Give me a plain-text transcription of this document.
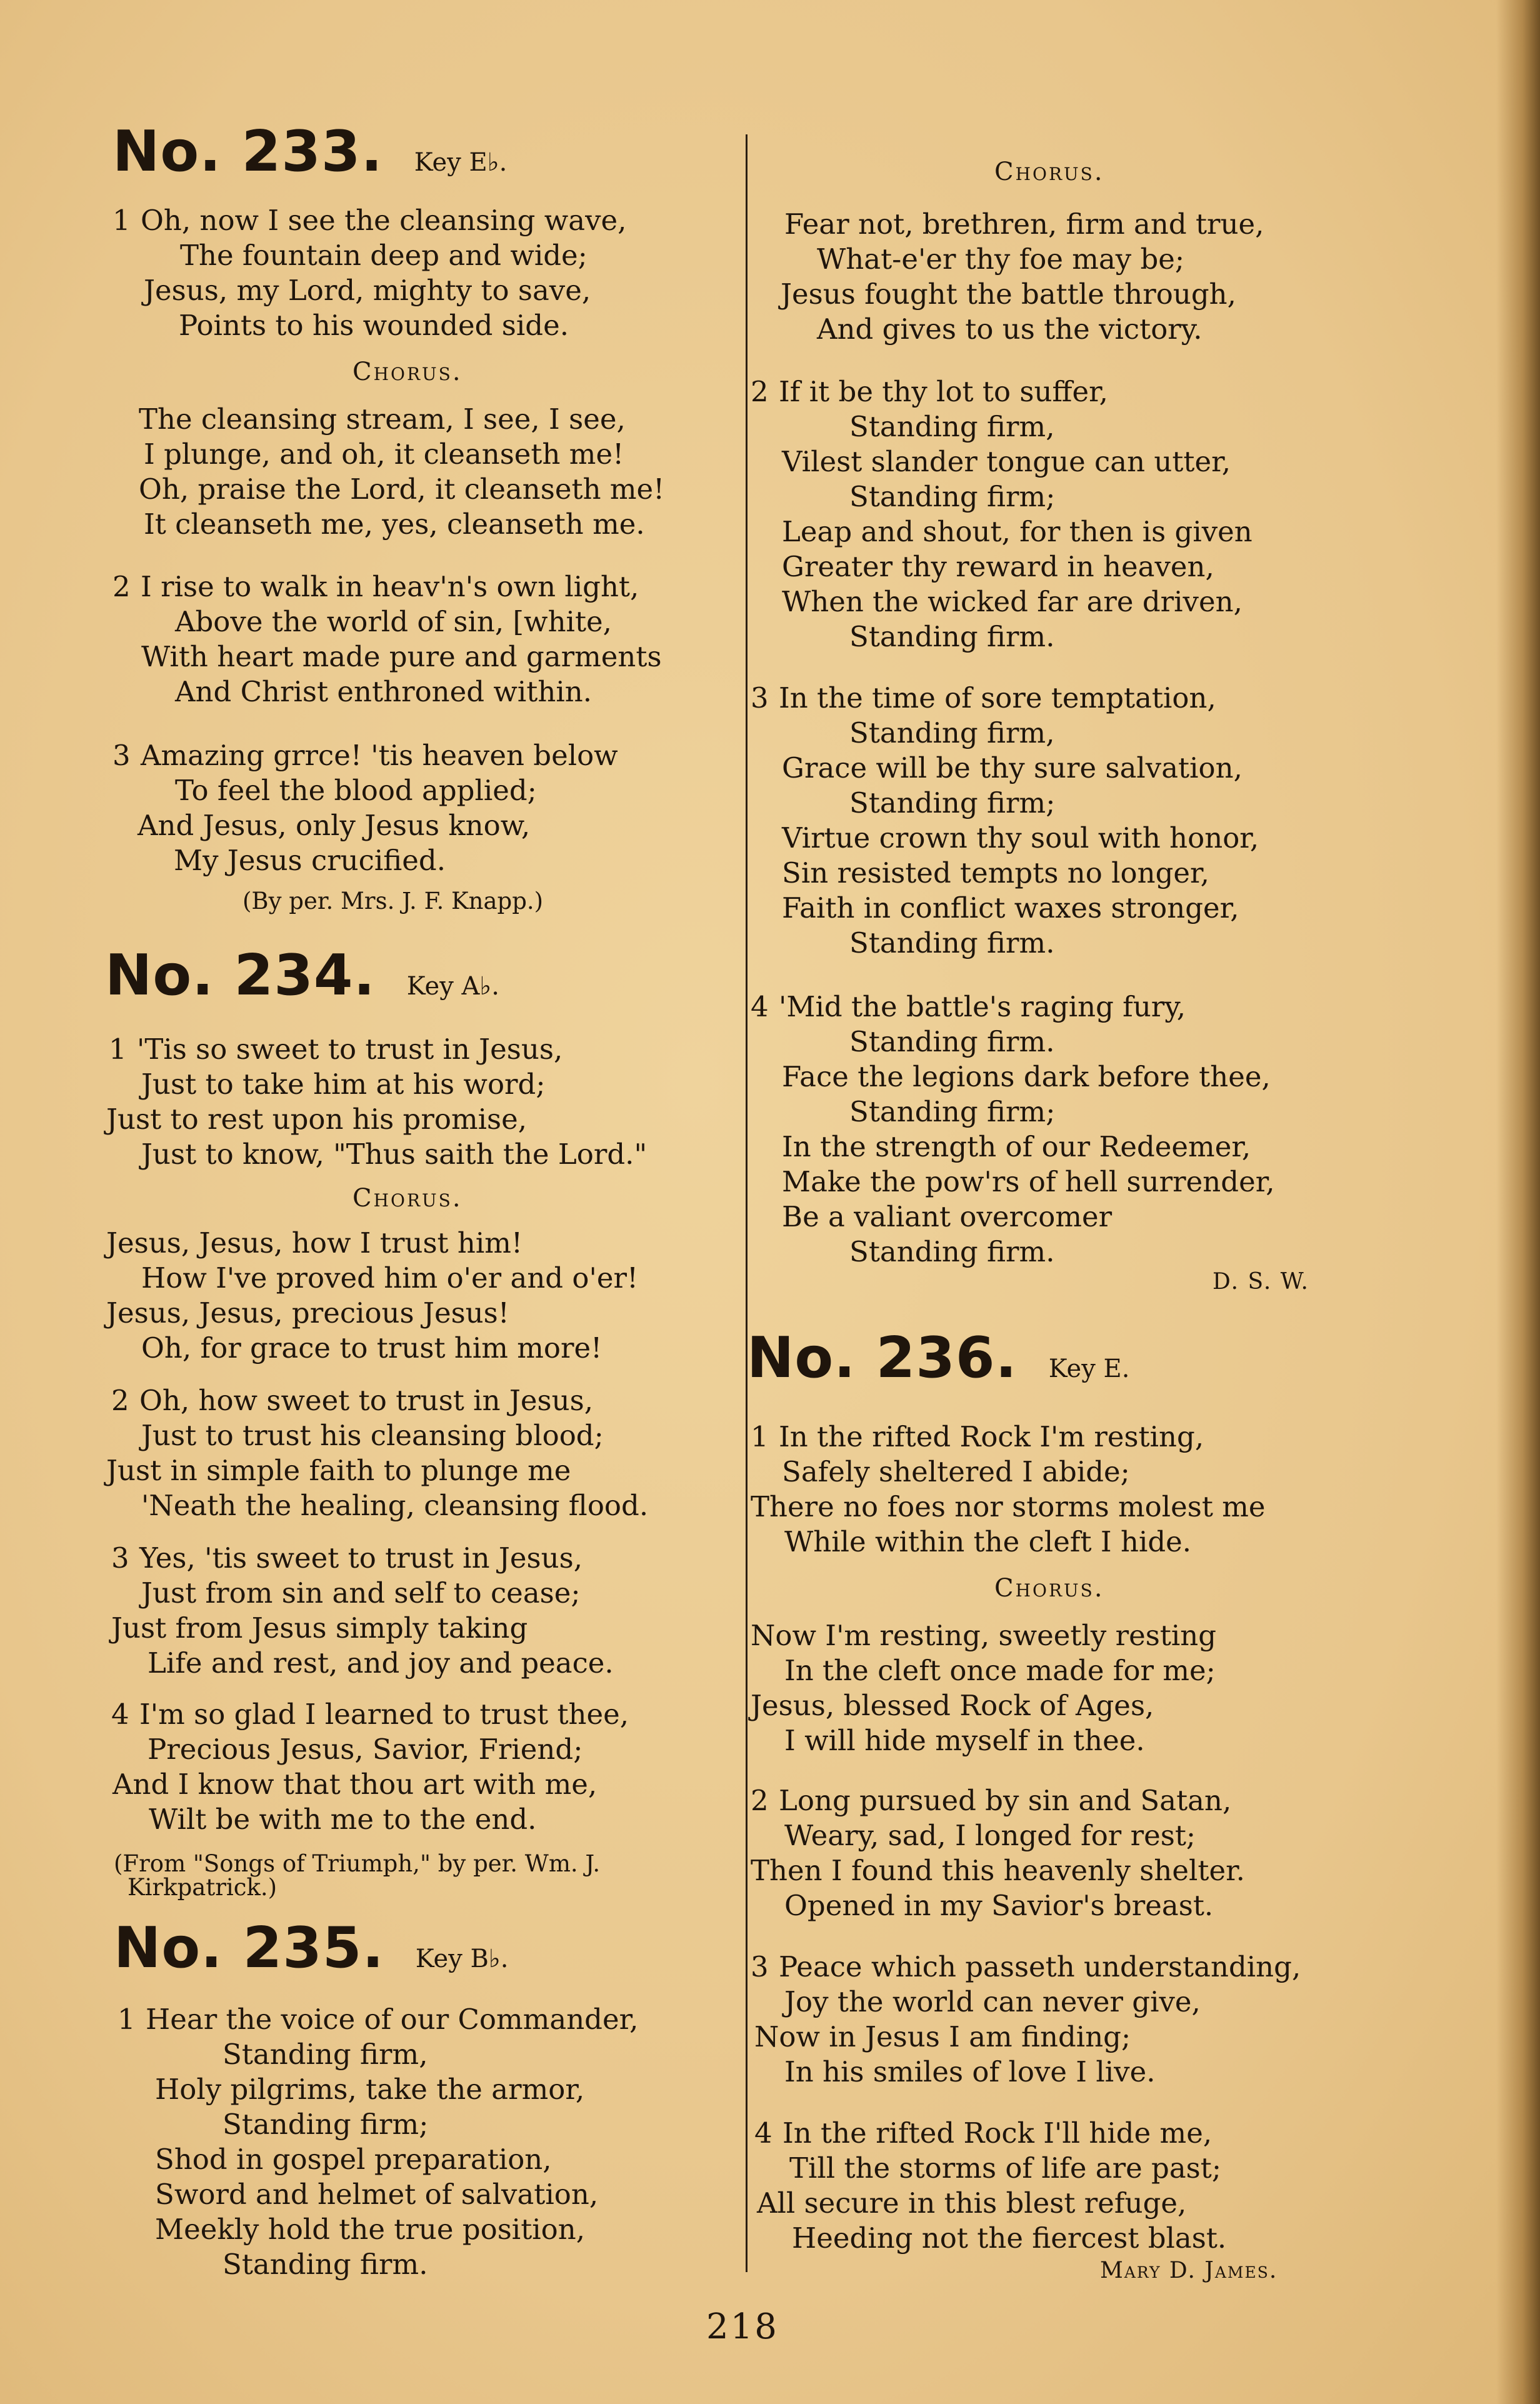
No. 233. Key E♭.
1 Oh, now I see the cleansing wave,
The fountain deep and wide;
Jesus, my Lord, mighty to save,
Points to his wounded side.
Chorus.
The cleansing stream, I see, I see,
I plunge, and oh, it cleanseth me!
Oh, praise the Lord, it cleanseth me!
It cleanseth me, yes, cleanseth me.
2 I rise to walk in heav'n's own light,
Above the world of sin, [white,
With heart made pure and garments
And Christ enthroned within.
3 Amazing grrce! 'tis heaven below
To feel the blood applied;
And Jesus, only Jesus know,
My Jesus crucified.
(By per. Mrs. J. F. Knapp.)
No. 234. Key A♭.
1 'Tis so sweet to trust in Jesus,
Just to take him at his word;
Just to rest upon his promise,
Just to know, "Thus saith the Lord."
Chorus.
Jesus, Jesus, how I trust him!
How I've proved him o'er and o'er!
Jesus, Jesus, precious Jesus!
Oh, for grace to trust him more!
2 Oh, how sweet to trust in Jesus,
Just to trust his cleansing blood;
Just in simple faith to plunge me
'Neath the healing, cleansing flood.
3 Yes, 'tis sweet to trust in Jesus,
Just from sin and self to cease;
Just from Jesus simply taking
Life and rest, and joy and peace.
4 I'm so glad I learned to trust thee,
Precious Jesus, Savior, Friend;
And I know that thou art with me,
Wilt be with me to the end.
(From "Songs of Triumph," by per. Wm. J.
Kirkpatrick.)
No. 235. Key B♭.
1 Hear the voice of our Commander,
Standing firm,
Holy pilgrims, take the armor,
Standing firm;
Shod in gospel preparation,
Sword and helmet of salvation,
Meekly hold the true position,
Standing firm.
Chorus.
Fear not, brethren, firm and true,
What-e'er thy foe may be;
Jesus fought the battle through,
And gives to us the victory.
2 If it be thy lot to suffer,
Standing firm,
Vilest slander tongue can utter,
Standing firm;
Leap and shout, for then is given
Greater thy reward in heaven,
When the wicked far are driven,
Standing firm.
3 In the time of sore temptation,
Standing firm,
Grace will be thy sure salvation,
Standing firm;
Virtue crown thy soul with honor,
Sin resisted tempts no longer,
Faith in conflict waxes stronger,
Standing firm.
4 'Mid the battle's raging fury,
Standing firm.
Face the legions dark before thee,
Standing firm;
In the strength of our Redeemer,
Make the pow'rs of hell surrender,
Be a valiant overcomer
Standing firm.
D. S. W.
No. 236. Key E.
1 In the rifted Rock I'm resting,
Safely sheltered I abide;
There no foes nor storms molest me
While within the cleft I hide.
Chorus.
Now I'm resting, sweetly resting
In the cleft once made for me;
Jesus, blessed Rock of Ages,
I will hide myself in thee.
2 Long pursued by sin and Satan,
Weary, sad, I longed for rest;
Then I found this heavenly shelter.
Opened in my Savior's breast.
3 Peace which passeth understanding,
Joy the world can never give,
Now in Jesus I am finding;
In his smiles of love I live.
4 In the rifted Rock I'll hide me,
Till the storms of life are past;
All secure in this blest refuge,
Heeding not the fiercest blast.
Mary D. James.
218
